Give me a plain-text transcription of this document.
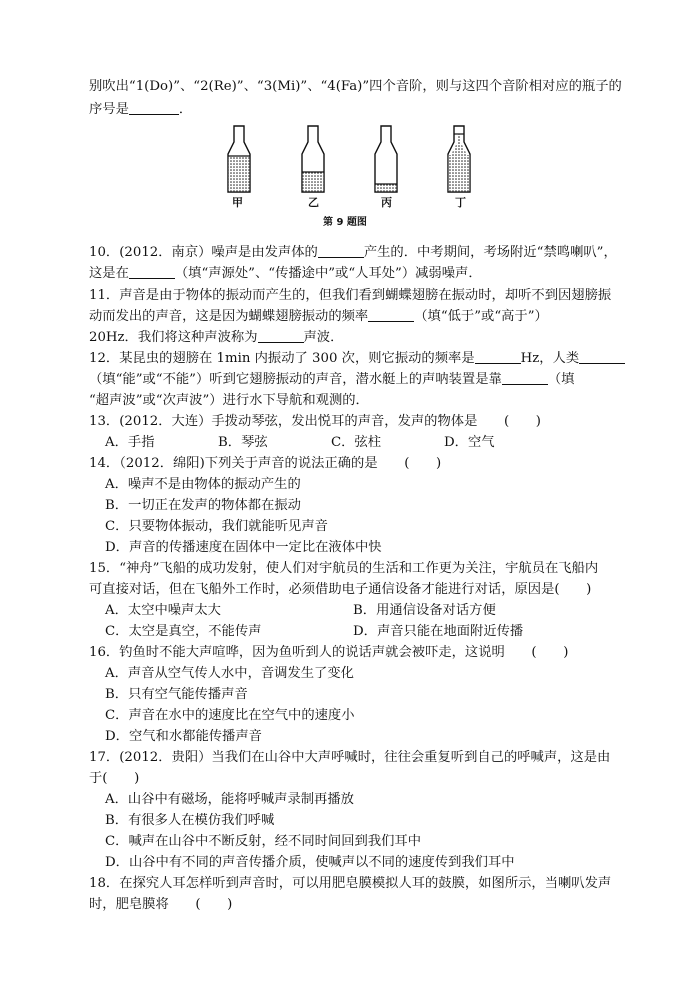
别吹出“1(Do)”、“2(Re)”、“3(Mi)”、“4(Fa)”四个音阶，则与这四个音阶相对应的瓶子的
序号是	．
甲	乙	丙	丁
第 9 题图
10．(2012．南京）噪声是由发声体的	产生的．中考期间，考场附近“禁鸣喇叭”，
这是在	（填“声源处”、“传播途中”或“人耳处”）减弱噪声．
11．声音是由于物体的振动而产生的，但我们看到蝴蝶翅膀在振动时，却听不到因翅膀振
动而发出的声音，这是因为蝴蝶翅膀振动的频率	（填“低于”或“高于”）
20Hz．我们将这种声波称为	声波．
12．某昆虫的翅膀在 1min 内振动了 300 次，则它振动的频率是	Hz，人类
（填“能”或“不能”）听到它翅膀振动的声音，潜水艇上的声呐装置是靠	（填
“超声波”或“次声波”）进行水下导航和观测的．
13．(2012．大连）手拨动琴弦，发出悦耳的声音，发声的物体是　　(　　)
A．手指	B．琴弦	C．弦柱	D．空气
14．（2012．绵阳)下列关于声音的说法正确的是　　(　　)
A．噪声不是由物体的振动产生的
B．一切正在发声的物体都在振动
C．只要物体振动，我们就能听见声音
D．声音的传播速度在固体中一定比在液体中快
15．“神舟”飞船的成功发射，使人们对宇航员的生活和工作更为关注，宇航员在飞船内
可直接对话，但在飞船外工作时，必须借助电子通信设备才能进行对话，原因是(　　)
A．太空中噪声太大	B．用通信设备对话方便
C．太空是真空，不能传声	D．声音只能在地面附近传播
16．钓鱼时不能大声喧哗，因为鱼听到人的说话声就会被吓走，这说明　　(　　)
A．声音从空气传人水中，音调发生了变化
B．只有空气能传播声音
C．声音在水中的速度比在空气中的速度小
D．空气和水都能传播声音
17．(2012．贵阳）当我们在山谷中大声呼喊时，往往会重复听到自己的呼喊声，这是由
于(　　)
A．山谷中有磁场，能将呼喊声录制再播放
B．有很多人在模仿我们呼喊
C．喊声在山谷中不断反射，经不同时间回到我们耳中
D．山谷中有不同的声音传播介质，使喊声以不同的速度传到我们耳中
18．在探究人耳怎样听到声音时，可以用肥皂膜模拟人耳的鼓膜，如图所示，当喇叭发声
时，肥皂膜将　　(　　)
